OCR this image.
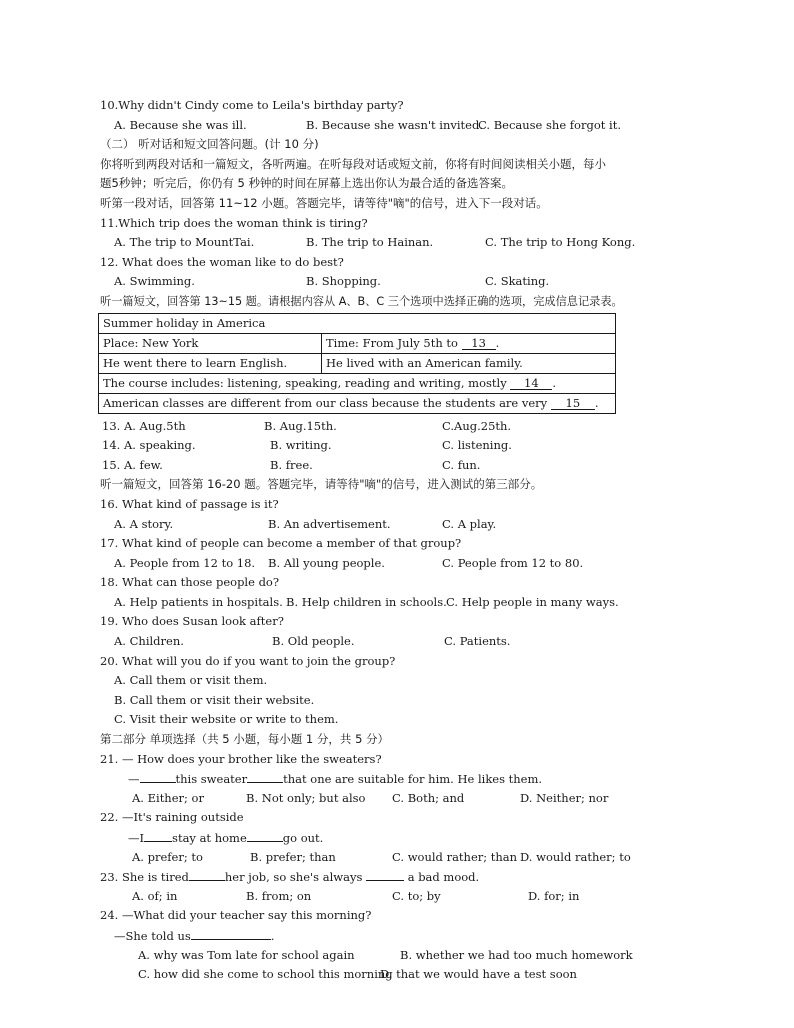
10.Why didn't Cindy come to Leila's birthday party?
A. Because she was ill.	B. Because she wasn't invited.
C. Because she forgot it.
（二） 听对话和短文回答问题。(计 10 分)
你将听到两段对话和一篇短文，各听两遍。在听每段对话或短文前，你将有时间阅读相关小题，每小
题5秒钟；听完后，你仍有 5 秒钟的时间在屏幕上选出你认为最合适的备选答案。
听第一段对话，回答第 11~12 小题。答题完毕，请等待"嘀"的信号，进入下一段对话。
11.Which trip does the woman think is tiring?
A. The trip to MountTai.	B. The trip to Hainan.	C. The trip to Hong Kong.
12. What does the woman like to do best?
A. Swimming.	B. Shopping.	C. Skating.
听一篇短文，回答第 13~15 题。请根据内容从 A、B、C 三个选项中选择正确的选项，完成信息记录表。
Summer holiday in America	
Place: New York	Time: From July 5th to 13 .
He went there to learn English.	He lived with an American family.
The course includes: listening, speaking, reading and writing, mostly 14 .	
American classes are different from our class because the students are very 15 .	
13. A. Aug.5th	B. Aug.15th.	C.Aug.25th.
14. A. speaking.	B. writing.	C. listening.
15. A. few.	B. free.	C. fun.
听一篇短文，回答第 16-20 题。答题完毕，请等待"嘀"的信号，进入测试的第三部分。
16. What kind of passage is it?
A. A story.	B. An advertisement.	C. A play.
17. What kind of people can become a member of that group?
A. People from 12 to 18. B. All young people.	C. People from 12 to 80.
18. What can those people do?
A. Help patients in hospitals. B. Help children in schools. C. Help people in many ways.
19. Who does Susan look after?
A. Children.	B. Old people.	C. Patients.
20. What will you do if you want to join the group?
A. Call them or visit them.
B. Call them or visit their website.
C. Visit their website or write to them.
第二部分 单项选择（共 5 小题，每小题 1 分，共 5 分）
21. — How does your brother like the sweaters?
—	this sweater	that one are suitable for him. He likes them.
A. Either; or	B. Not only; but also C. Both; and	D. Neither; nor
22. —It's raining outside
—I stay at home	go out.
A. prefer; to	B. prefer; than	C. would rather; than D. would rather; to
23. She is tired	her job, so she's always	a bad mood.
A. of; in	B. from; on	C. to; by	D. for; in
24. —What did your teacher say this morning?
—She told us	.
A. why was Tom late for school again	B. whether we had too much homework
C. how did she come to school this morning
D. that we would have a test soon
